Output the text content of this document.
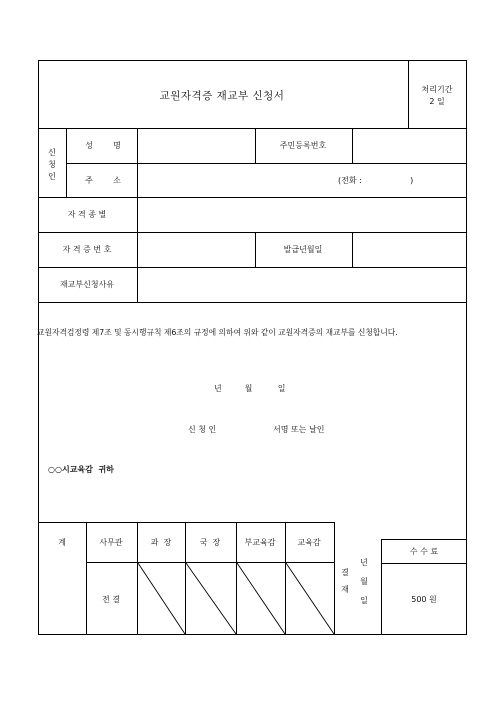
교원자격증 재교부 신청서
처리기간
2 일
신
청
인
성        명	주민등록번호
주        소	(전화 :                   )
자 격 종 별
자 격 증 번 호	발급년월일
재교부신청사유
교원자격검정령 제7조 및 동시행규칙 제6조의 규정에 의하여 위와 같이 교원자격증의 재교부를 신청합니다.
년         월          일
신 청 인	서명 또는 날인
○○시교육감  귀하
계	사무관	과  장	국  장	부교육감	교육감
전 결
결
재
년
월
일
수 수 료
500 원
